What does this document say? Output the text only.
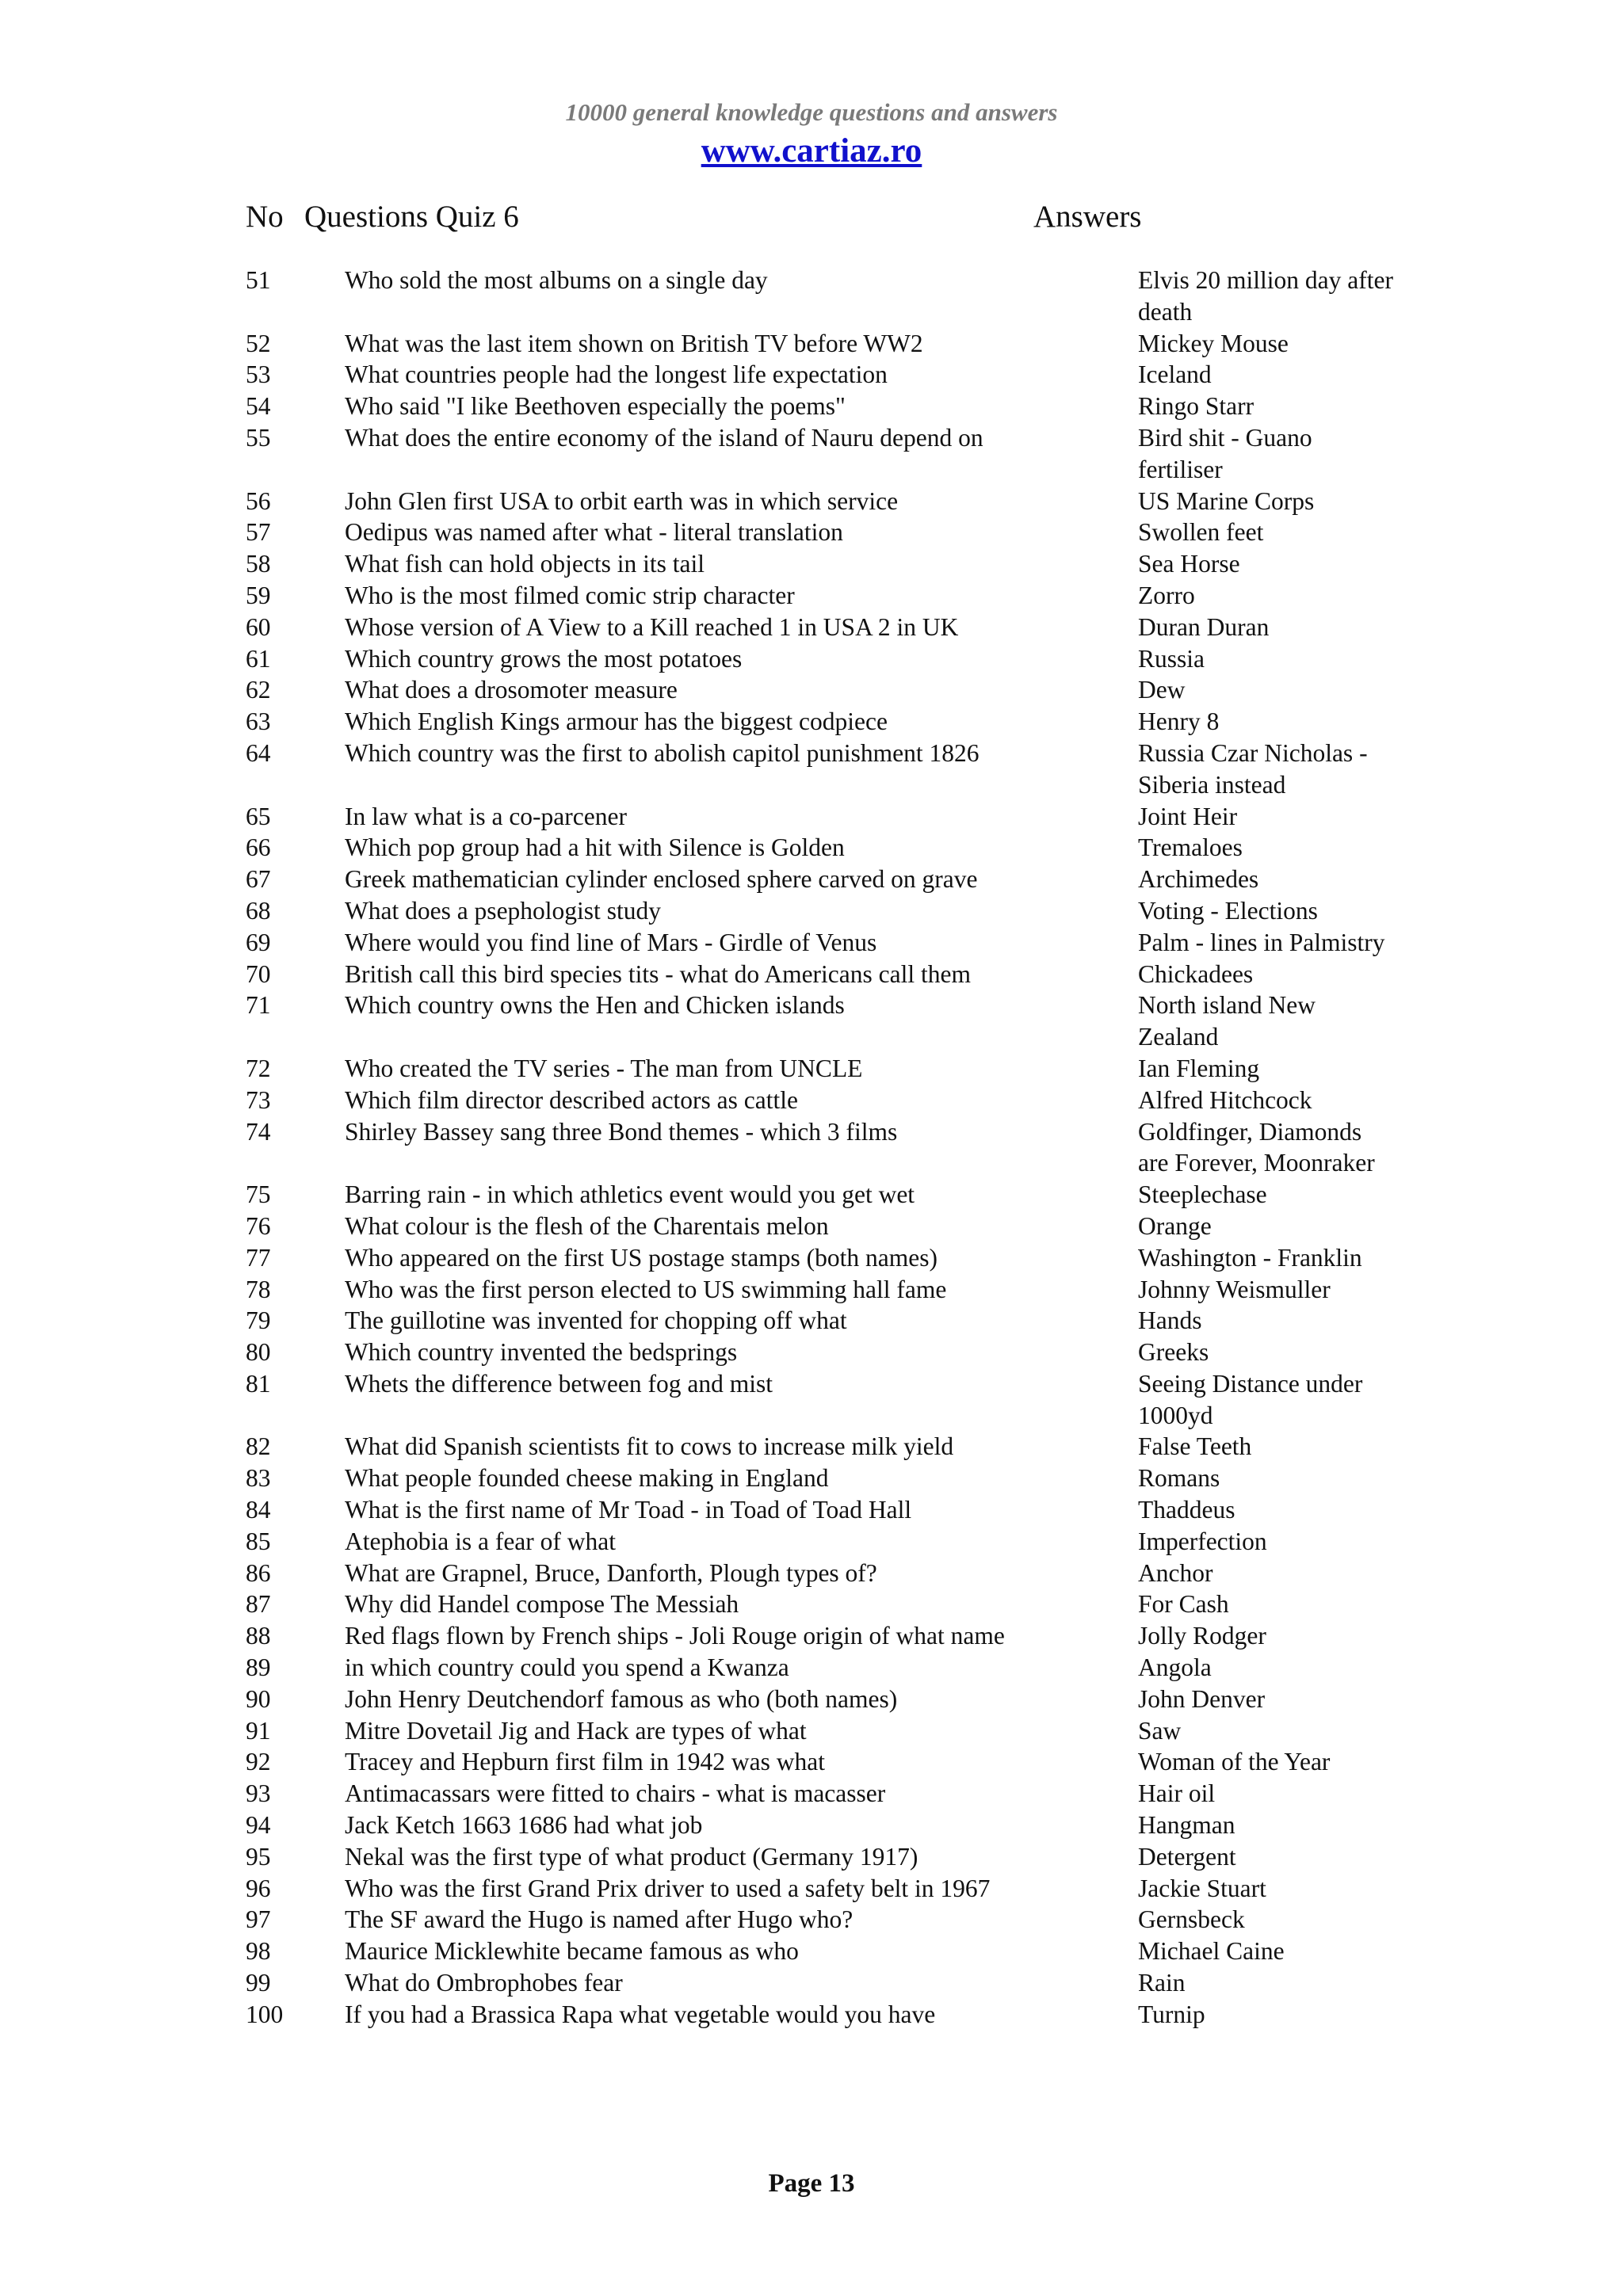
10000 general knowledge questions and answers
www.cartiaz.ro
No Questions Quiz 6	Answers
51	Who sold the most albums on a single day	Elvis 20 million day after death
52	What was the last item shown on British TV before WW2	Mickey Mouse
53	What countries people had the longest life expectation	Iceland
54	Who said "I like Beethoven especially the poems"	Ringo Starr
55	What does the entire economy of the island of Nauru depend on	Bird shit - Guano fertiliser
56	John Glen first USA to orbit earth was in which service	US Marine Corps
57	Oedipus was named after what - literal translation	Swollen feet
58	What fish can hold objects in its tail	Sea Horse
59	Who is the most filmed comic strip character	Zorro
60	Whose version of A View to a Kill reached 1 in USA 2 in UK	Duran Duran
61	Which country grows the most potatoes	Russia
62	What does a drosomoter measure	Dew
63	Which English Kings armour has the biggest codpiece	Henry 8
64	Which country was the first to abolish capitol punishment 1826	Russia Czar Nicholas - Siberia instead
65	In law what is a co-parcener	Joint Heir
66	Which pop group had a hit with Silence is Golden	Tremaloes
67	Greek mathematician cylinder enclosed sphere carved on grave	Archimedes
68	What does a psephologist study	Voting - Elections
69	Where would you find line of Mars - Girdle of Venus	Palm - lines in Palmistry
70	British call this bird species tits - what do Americans call them	Chickadees
71	Which country owns the Hen and Chicken islands	North island New Zealand
72	Who created the TV series - The man from UNCLE	Ian Fleming
73	Which film director described actors as cattle	Alfred Hitchcock
74	Shirley Bassey sang three Bond themes - which 3 films	Goldfinger, Diamonds are Forever, Moonraker
75	Barring rain - in which athletics event would you get wet	Steeplechase
76	What colour is the flesh of the Charentais melon	Orange
77	Who appeared on the first US postage stamps (both names)	Washington - Franklin
78	Who was the first person elected to US swimming hall fame	Johnny Weismuller
79	The guillotine was invented for chopping off what	Hands
80	Which country invented the bedsprings	Greeks
81	Whets the difference between fog and mist	Seeing Distance under 1000yd
82	What did Spanish scientists fit to cows to increase milk yield	False Teeth
83	What people founded cheese making in England	Romans
84	What is the first name of Mr Toad - in Toad of Toad Hall	Thaddeus
85	Atephobia is a fear of what	Imperfection
86	What are Grapnel, Bruce, Danforth, Plough types of?	Anchor
87	Why did Handel compose The Messiah	For Cash
88	Red flags flown by French ships - Joli Rouge origin of what name	Jolly Rodger
89	in which country could you spend a Kwanza	Angola
90	John Henry Deutchendorf famous as who (both names)	John Denver
91	Mitre Dovetail Jig and Hack are types of what	Saw
92	Tracey and Hepburn first film in 1942 was what	Woman of the Year
93	Antimacassars were fitted to chairs - what is macasser	Hair oil
94	Jack Ketch 1663 1686 had what job	Hangman
95	Nekal was the first type of what product (Germany 1917)	Detergent
96	Who was the first Grand Prix driver to used a safety belt in 1967	Jackie Stuart
97	The SF award the Hugo is named after Hugo who?	Gernsbeck
98	Maurice Micklewhite became famous as who	Michael Caine
99	What do Ombrophobes fear	Rain
100	If you had a Brassica Rapa what vegetable would you have	Turnip
Page 13
